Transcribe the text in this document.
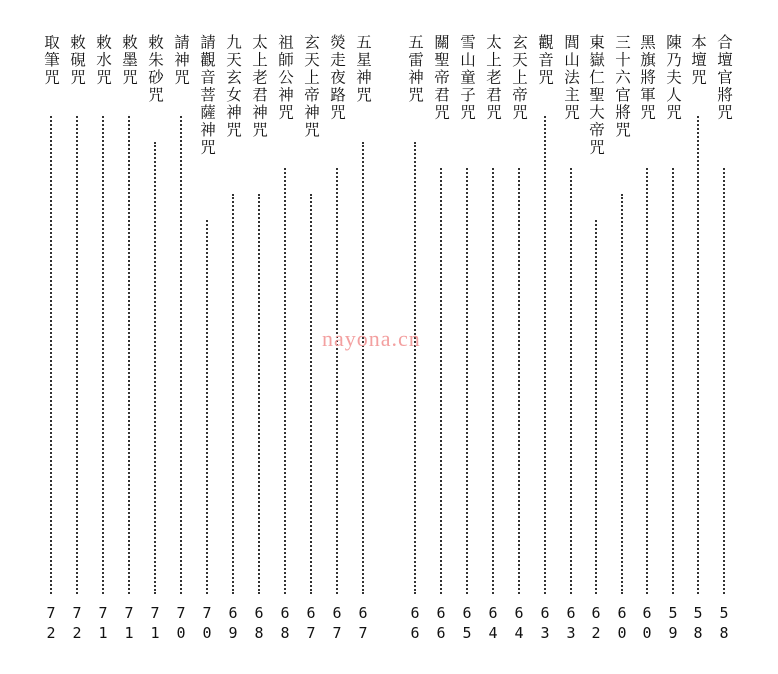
合壇官將咒
5
8
本壇咒
5
8
陳乃夫人咒
5
9
黑旗將軍咒
6
0
三十六官將咒
6
0
東嶽仁聖大帝咒
6
2
閭山法主咒
6
3
觀音咒
6
3
玄天上帝咒
6
4
太上老君咒
6
4
雪山童子咒
6
5
關聖帝君咒
6
6
五雷神咒
6
6
五星神咒
6
7
熒走夜路咒
6
7
玄天上帝神咒
6
7
祖師公神咒
6
8
太上老君神咒
6
8
九天玄女神咒
6
9
請觀音菩薩神咒
7
0
請神咒
7
0
敕朱砂咒
7
1
敕墨咒
7
1
敕水咒
7
1
敕硯咒
7
2
取筆咒
7
2
nayona.cn
